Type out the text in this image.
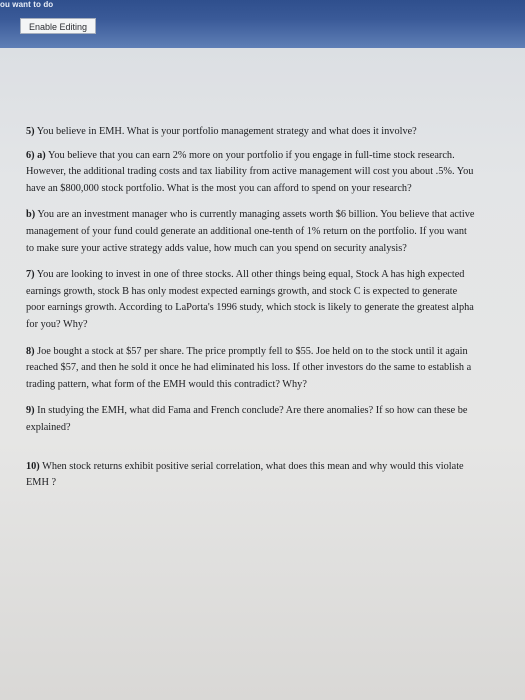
ou want to do
Enable Editing

5) You believe in EMH. What is your portfolio management strategy and what does it involve?

6) a) You believe that you can earn 2% more on your portfolio if you engage in full-time stock research. However, the additional trading costs and tax liability from active management will cost you about .5%. You have an $800,000 stock portfolio. What is the most you can afford to spend on your research?

b) You are an investment manager who is currently managing assets worth $6 billion. You believe that active management of your fund could generate an additional one-tenth of 1% return on the portfolio. If you want to make sure your active strategy adds value, how much can you spend on security analysis?

7) You are looking to invest in one of three stocks. All other things being equal, Stock A has high expected earnings growth, stock B has only modest expected earnings growth, and stock C is expected to generate poor earnings growth. According to LaPorta's 1996 study, which stock is likely to generate the greatest alpha for you? Why?

8) Joe bought a stock at $57 per share. The price promptly fell to $55. Joe held on to the stock until it again reached $57, and then he sold it once he had eliminated his loss. If other investors do the same to establish a trading pattern, what form of the EMH would this contradict? Why?

9) In studying the EMH, what did Fama and French conclude? Are there anomalies? If so how can these be explained?

10) When stock returns exhibit positive serial correlation, what does this mean and why would this violate EMH ?
